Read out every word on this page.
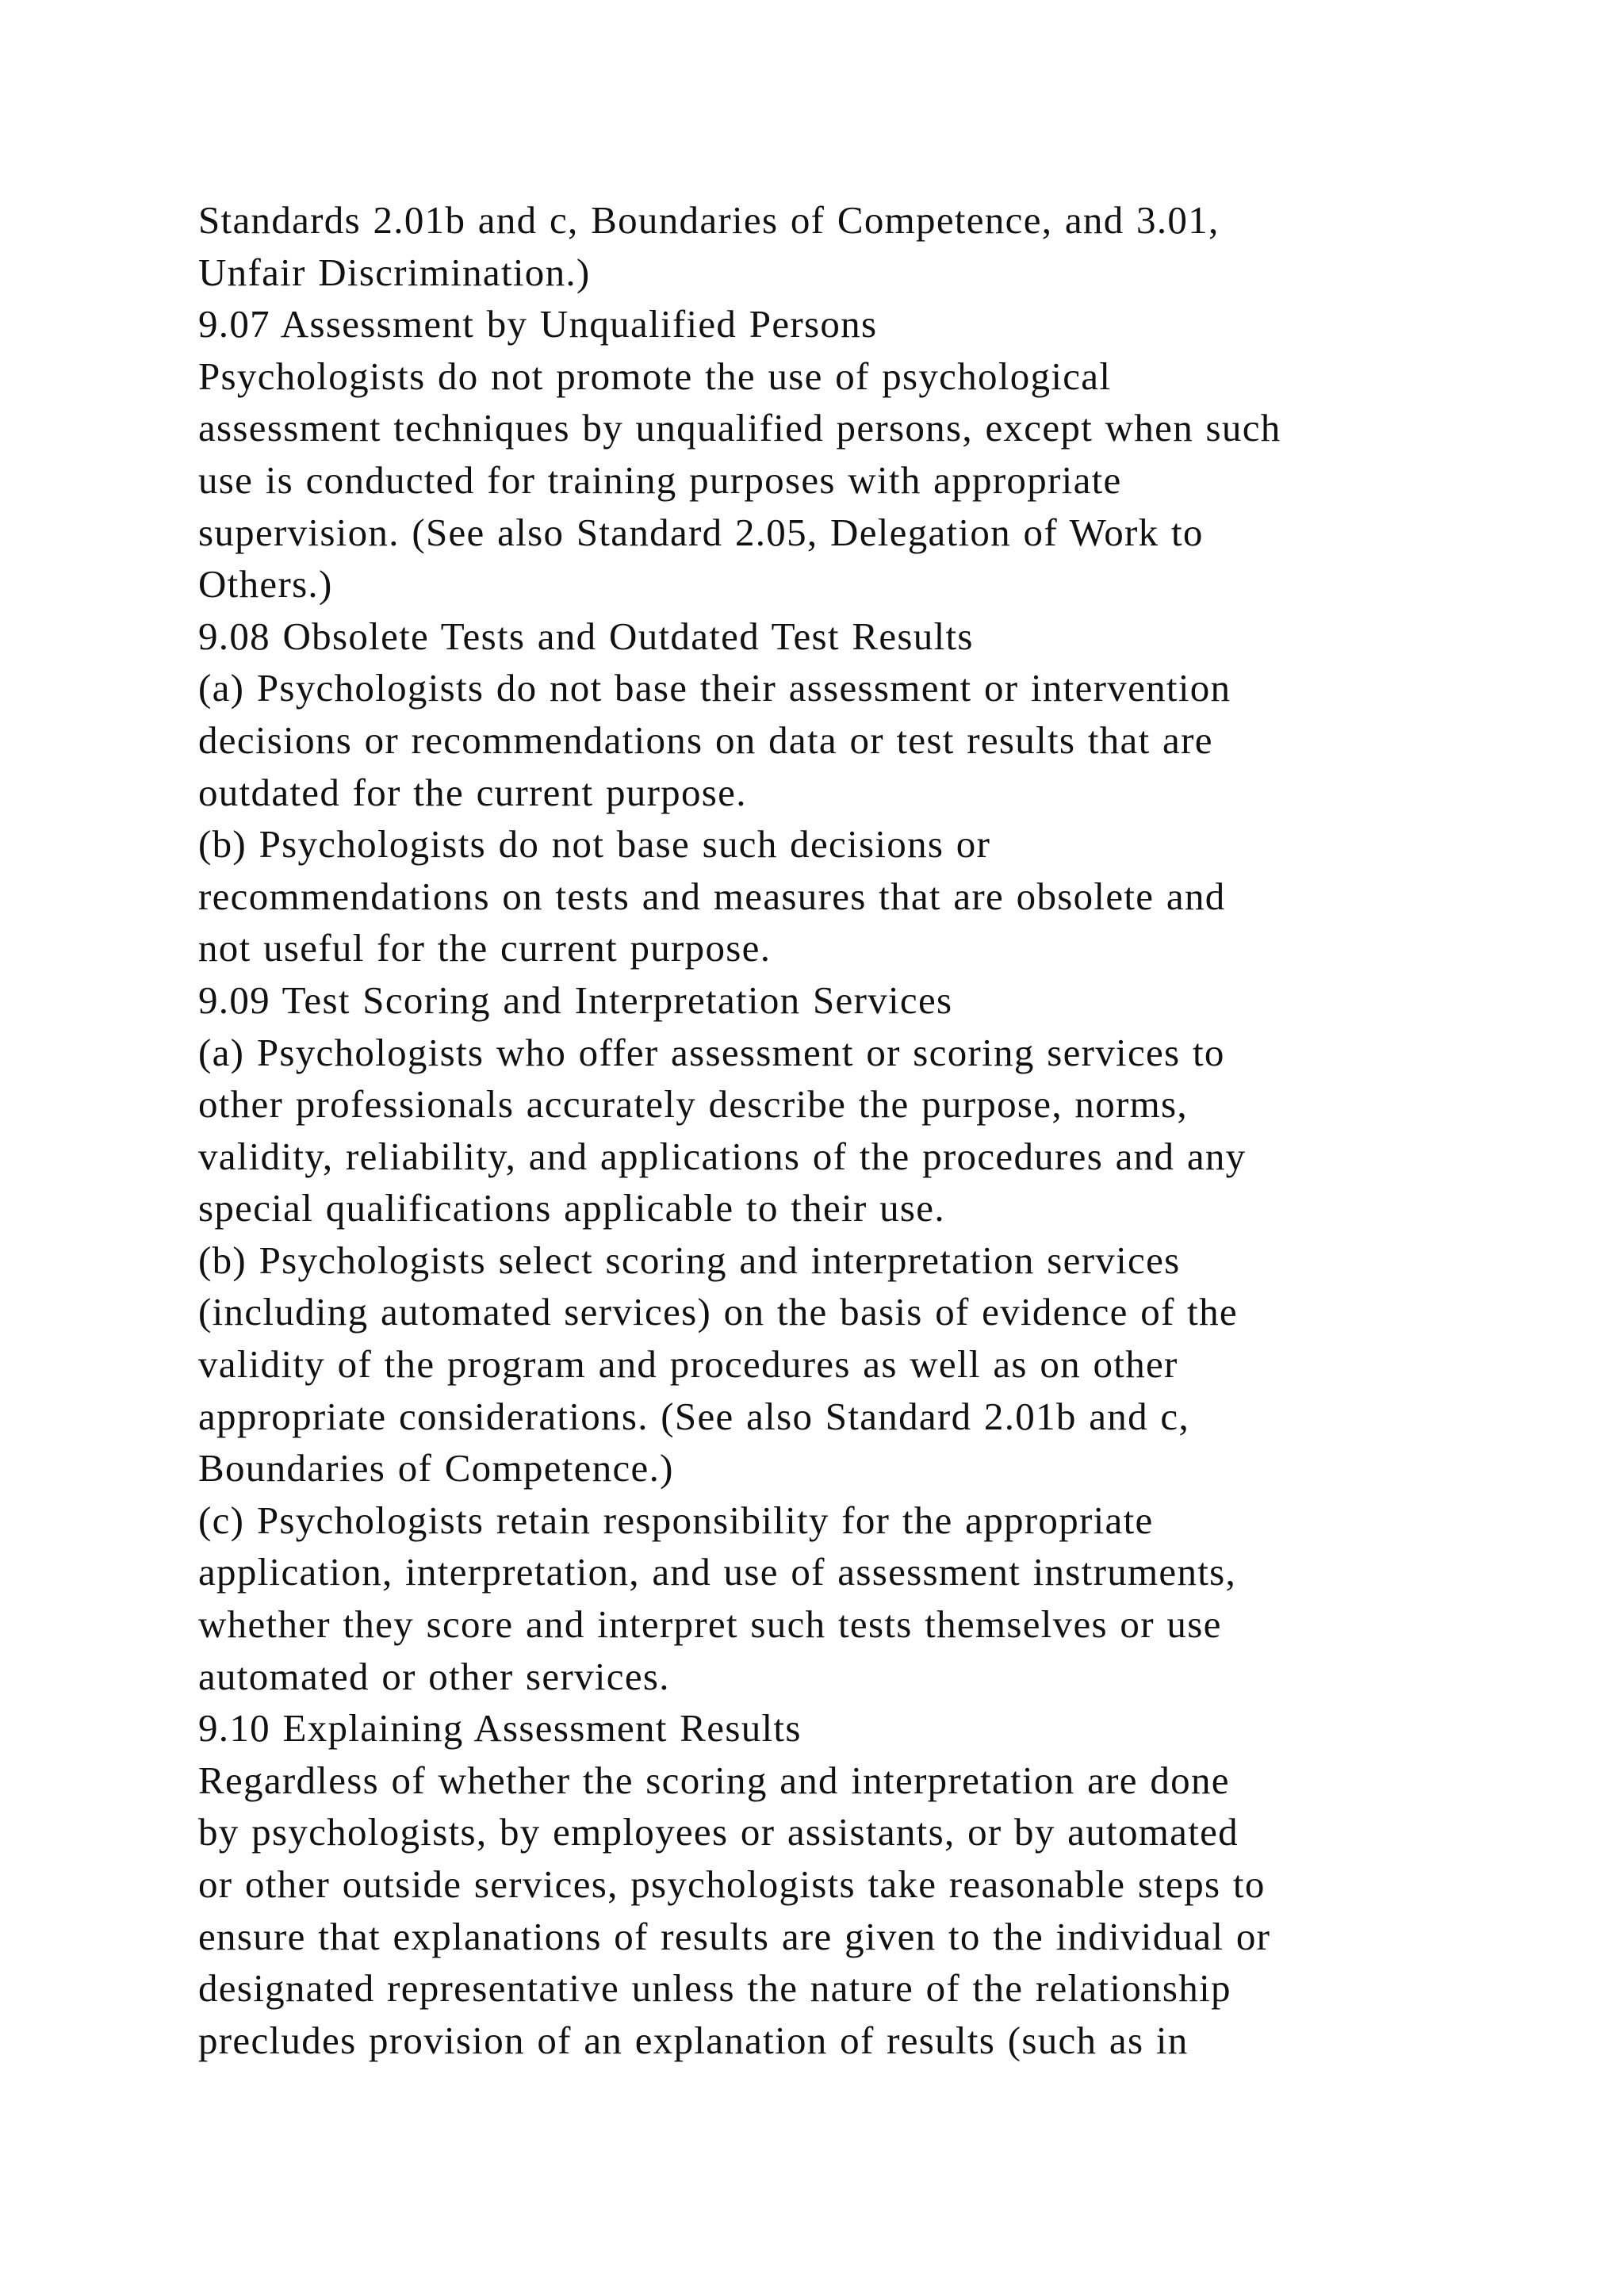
Standards 2.01b and c, Boundaries of Competence, and 3.01,
Unfair Discrimination.)
9.07 Assessment by Unqualified Persons
Psychologists do not promote the use of psychological
assessment techniques by unqualified persons, except when such
use is conducted for training purposes with appropriate
supervision. (See also Standard 2.05, Delegation of Work to
Others.)
9.08 Obsolete Tests and Outdated Test Results
(a) Psychologists do not base their assessment or intervention
decisions or recommendations on data or test results that are
outdated for the current purpose.
(b) Psychologists do not base such decisions or
recommendations on tests and measures that are obsolete and
not useful for the current purpose.
9.09 Test Scoring and Interpretation Services
(a) Psychologists who offer assessment or scoring services to
other professionals accurately describe the purpose, norms,
validity, reliability, and applications of the procedures and any
special qualifications applicable to their use.
(b) Psychologists select scoring and interpretation services
(including automated services) on the basis of evidence of the
validity of the program and procedures as well as on other
appropriate considerations. (See also Standard 2.01b and c,
Boundaries of Competence.)
(c) Psychologists retain responsibility for the appropriate
application, interpretation, and use of assessment instruments,
whether they score and interpret such tests themselves or use
automated or other services.
9.10 Explaining Assessment Results
Regardless of whether the scoring and interpretation are done
by psychologists, by employees or assistants, or by automated
or other outside services, psychologists take reasonable steps to
ensure that explanations of results are given to the individual or
designated representative unless the nature of the relationship
precludes provision of an explanation of results (such as in
